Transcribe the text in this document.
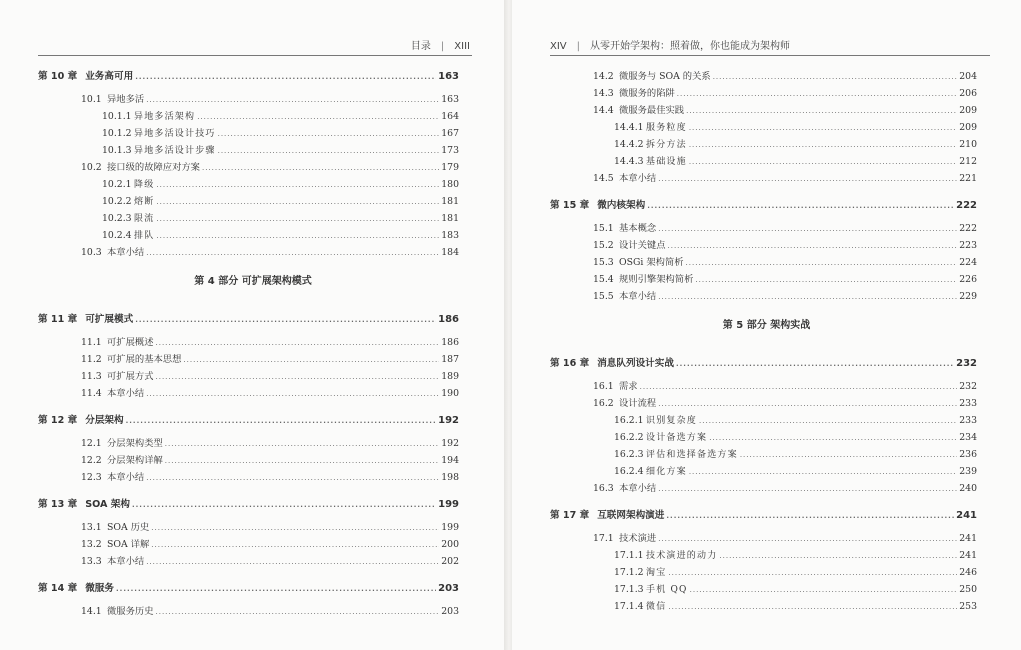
目录 | XIII
第 10 章 业务高可用 .....	163
10.1 异地多活 .....	163
10.1.1 异地多活架构 .....	164
10.1.2 异地多活设计技巧 .....	167
10.1.3 异地多活设计步骤 .....	173
10.2 接口级的故障应对方案 .....	179
10.2.1 降级 .....	180
10.2.2 熔断 .....	181
10.2.3 限流 .....	181
10.2.4 排队 .....	183
10.3 本章小结 .....	184
第 4 部分 可扩展架构模式
第 11 章 可扩展模式 .....	186
11.1 可扩展概述 .....	186
11.2 可扩展的基本思想 .....	187
11.3 可扩展方式 .....	189
11.4 本章小结 .....	190
第 12 章 分层架构 .....	192
12.1 分层架构类型 .....	192
12.2 分层架构详解 .....	194
12.3 本章小结 .....	198
第 13 章 SOA 架构 .....	199
13.1 SOA 历史 .....	199
13.2 SOA 详解 .....	200
13.3 本章小结 .....	202
第 14 章 微服务 .....	203
14.1 微服务历史 .....	203
XIV | 从零开始学架构：照着做，你也能成为架构师
14.2 微服务与 SOA 的关系 .....	204
14.3 微服务的陷阱 .....	206
14.4 微服务最佳实践 .....	209
14.4.1 服务粒度 .....	209
14.4.2 拆分方法 .....	210
14.4.3 基础设施 .....	212
14.5 本章小结 .....	221
第 15 章 微内核架构 .....	222
15.1 基本概念 .....	222
15.2 设计关键点 .....	223
15.3 OSGi 架构简析 .....	224
15.4 规则引擎架构简析 .....	226
15.5 本章小结 .....	229
第 5 部分 架构实战
第 16 章 消息队列设计实战 .....	232
16.1 需求 .....	232
16.2 设计流程 .....	233
16.2.1 识别复杂度 .....	233
16.2.2 设计备选方案 .....	234
16.2.3 评估和选择备选方案 .....	236
16.2.4 细化方案 .....	239
16.3 本章小结 .....	240
第 17 章 互联网架构演进 .....	241
17.1 技术演进 .....	241
17.1.1 技术演进的动力 .....	241
17.1.2 淘宝 .....	246
17.1.3 手机 QQ .....	250
17.1.4 微信 .....	253
